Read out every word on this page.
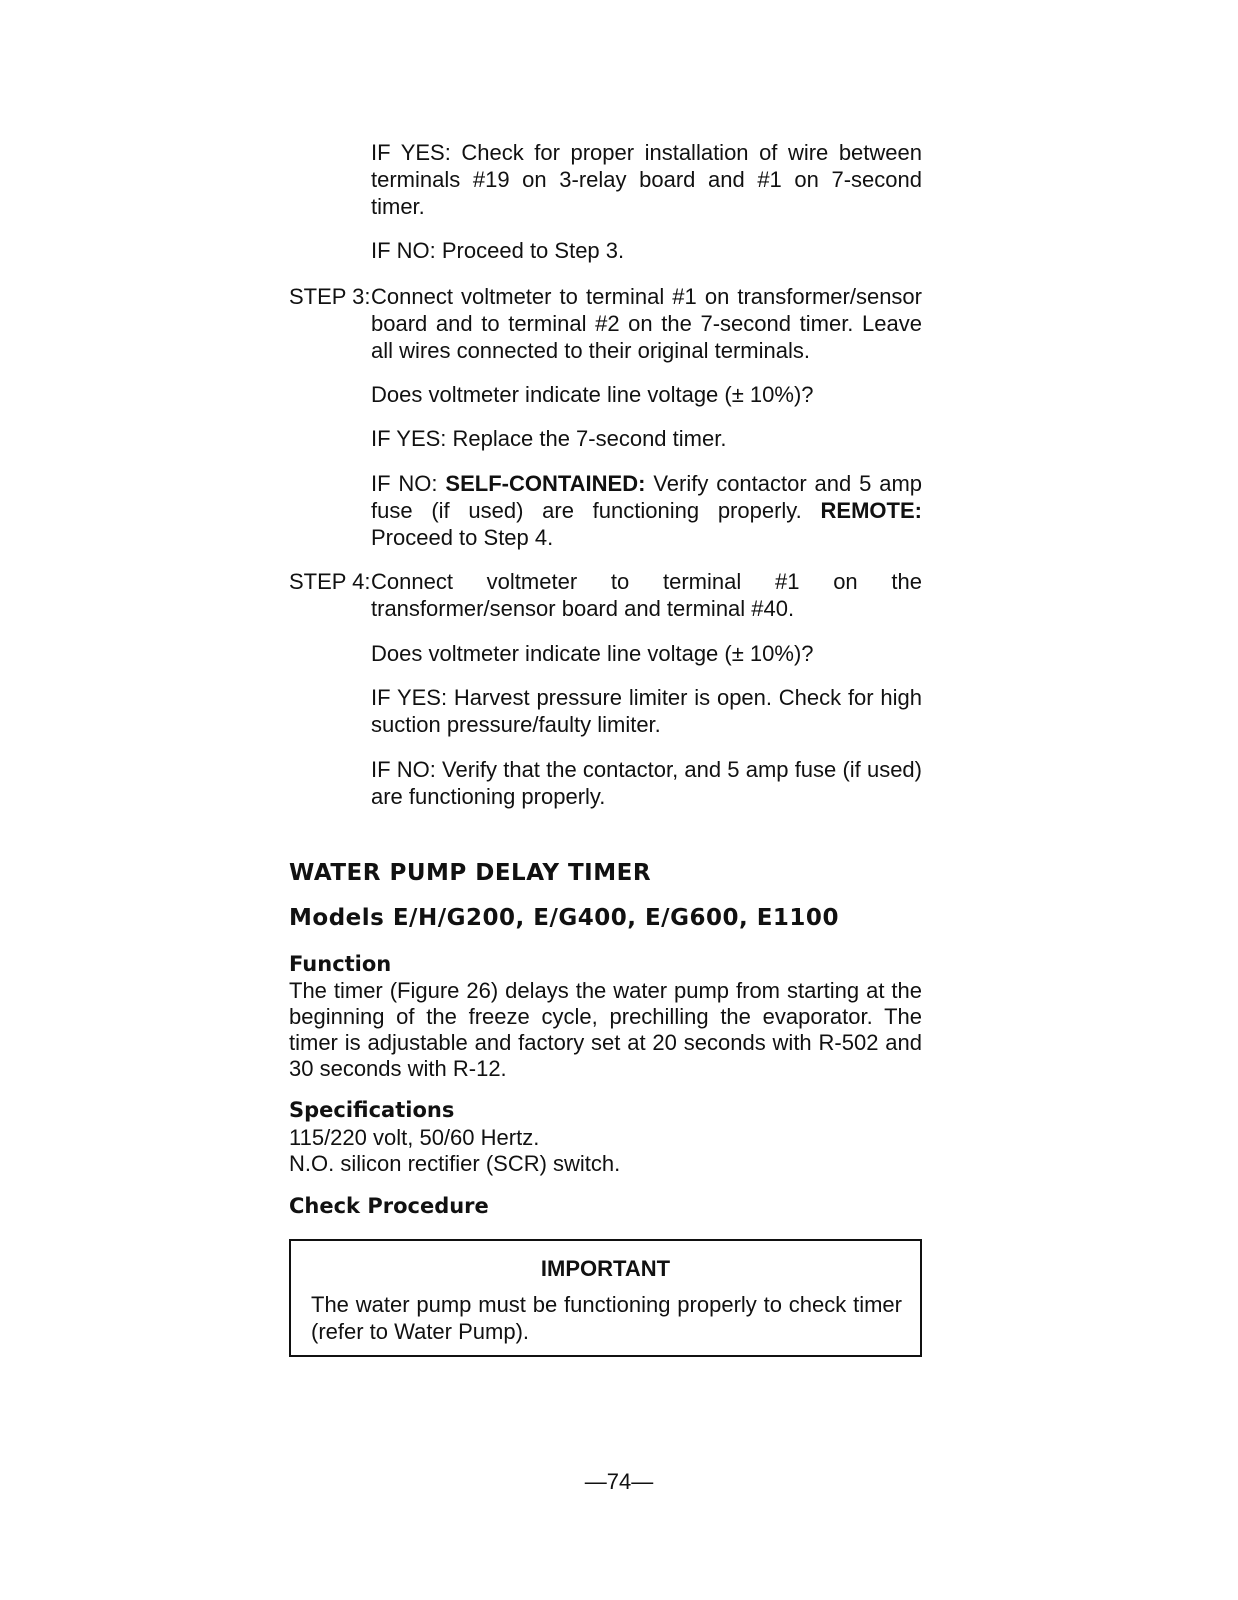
IF YES: Check for proper installation of wire between terminals #19 on 3-relay board and #1 on 7-second timer.

IF NO: Proceed to Step 3.

STEP 3: Connect voltmeter to terminal #1 on transformer/sensor board and to terminal #2 on the 7-second timer. Leave all wires connected to their original terminals.

Does voltmeter indicate line voltage (± 10%)?

IF YES: Replace the 7-second timer.

IF NO: SELF-CONTAINED: Verify contactor and 5 amp fuse (if used) are functioning properly. REMOTE: Proceed to Step 4.

STEP 4: Connect voltmeter to terminal #1 on the transformer/sensor board and terminal #40.

Does voltmeter indicate line voltage (± 10%)?

IF YES: Harvest pressure limiter is open. Check for high suction pressure/faulty limiter.

IF NO: Verify that the contactor, and 5 amp fuse (if used) are functioning properly.

WATER PUMP DELAY TIMER
Models E/H/G200, E/G400, E/G600, E1100
Function

The timer (Figure 26) delays the water pump from starting at the beginning of the freeze cycle, prechilling the evaporator. The timer is adjustable and factory set at 20 seconds with R-502 and 30 seconds with R-12.

Specifications

115/220 volt, 50/60 Hertz.

N.O. silicon rectifier (SCR) switch.

Check Procedure

IMPORTANT

The water pump must be functioning properly to check timer (refer to Water Pump).

—74—
